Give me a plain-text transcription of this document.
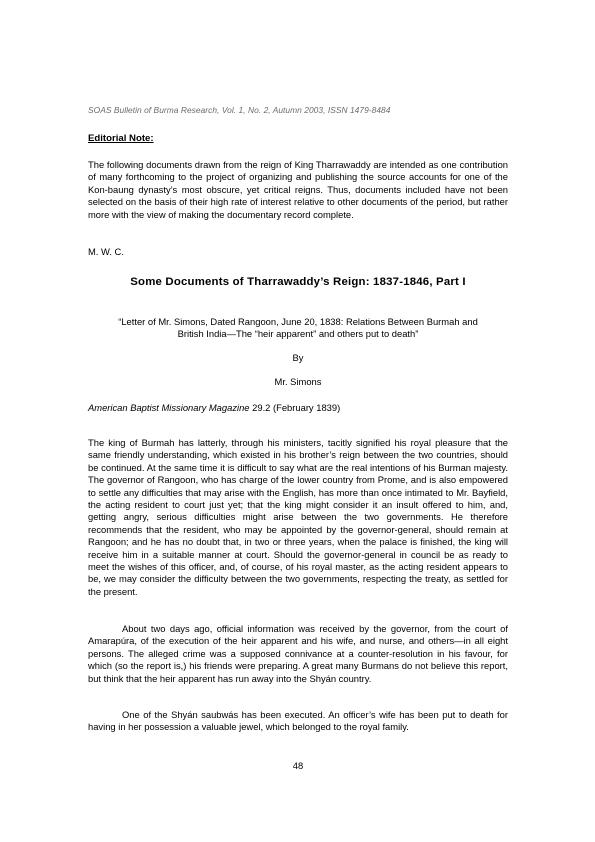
SOAS Bulletin of Burma Research, Vol. 1, No. 2, Autumn 2003, ISSN 1479-8484
Editorial Note:

The following documents drawn from the reign of King Tharrawaddy are intended as one contribution of many forthcoming to the project of organizing and publishing the source accounts for one of the Kon-baung dynasty’s most obscure, yet critical reigns. Thus, documents included have not been selected on the basis of their high rate of interest relative to other documents of the period, but rather more with the view of making the documentary record complete.

M. W. C.
Some Documents of Tharrawaddy’s Reign: 1837-1846, Part I

“Letter of Mr. Simons, Dated Rangoon, June 20, 1838: Relations Between Burmah and British India—The “heir apparent” and others put to death”

By
Mr. Simons
American Baptist Missionary Magazine 29.2 (February 1839)

The king of Burmah has latterly, through his ministers, tacitly signified his royal pleasure that the same friendly understanding, which existed in his brother’s reign between the two countries, should be continued. At the same time it is difficult to say what are the real intentions of his Burman majesty. The governor of Rangoon, who has charge of the lower country from Prome, and is also empowered to settle any difficulties that may arise with the English, has more than once intimated to Mr. Bayfield, the acting resident to court just yet; that the king might consider it an insult offered to him, and, getting angry, serious difficulties might arise between the two governments. He therefore recommends that the resident, who may be appointed by the governor-general, should remain at Rangoon; and he has no doubt that, in two or three years, when the palace is finished, the king will receive him in a suitable manner at court. Should the governor-general in council be as ready to meet the wishes of this officer, and, of course, of his royal master, as the acting resident appears to be, we may consider the difficulty between the two governments, respecting the treaty, as settled for the present.

About two days ago, official information was received by the governor, from the court of Amarapúra, of the execution of the heir apparent and his wife, and nurse, and others—in all eight persons. The alleged crime was a supposed connivance at a counter-resolution in his favour, for which (so the report is,) his friends were preparing. A great many Burmans do not believe this report, but think that the heir apparent has run away into the Shyán country.

One of the Shyán saubwás has been executed. An officer’s wife has been put to death for having in her possession a valuable jewel, which belonged to the royal family.

48
